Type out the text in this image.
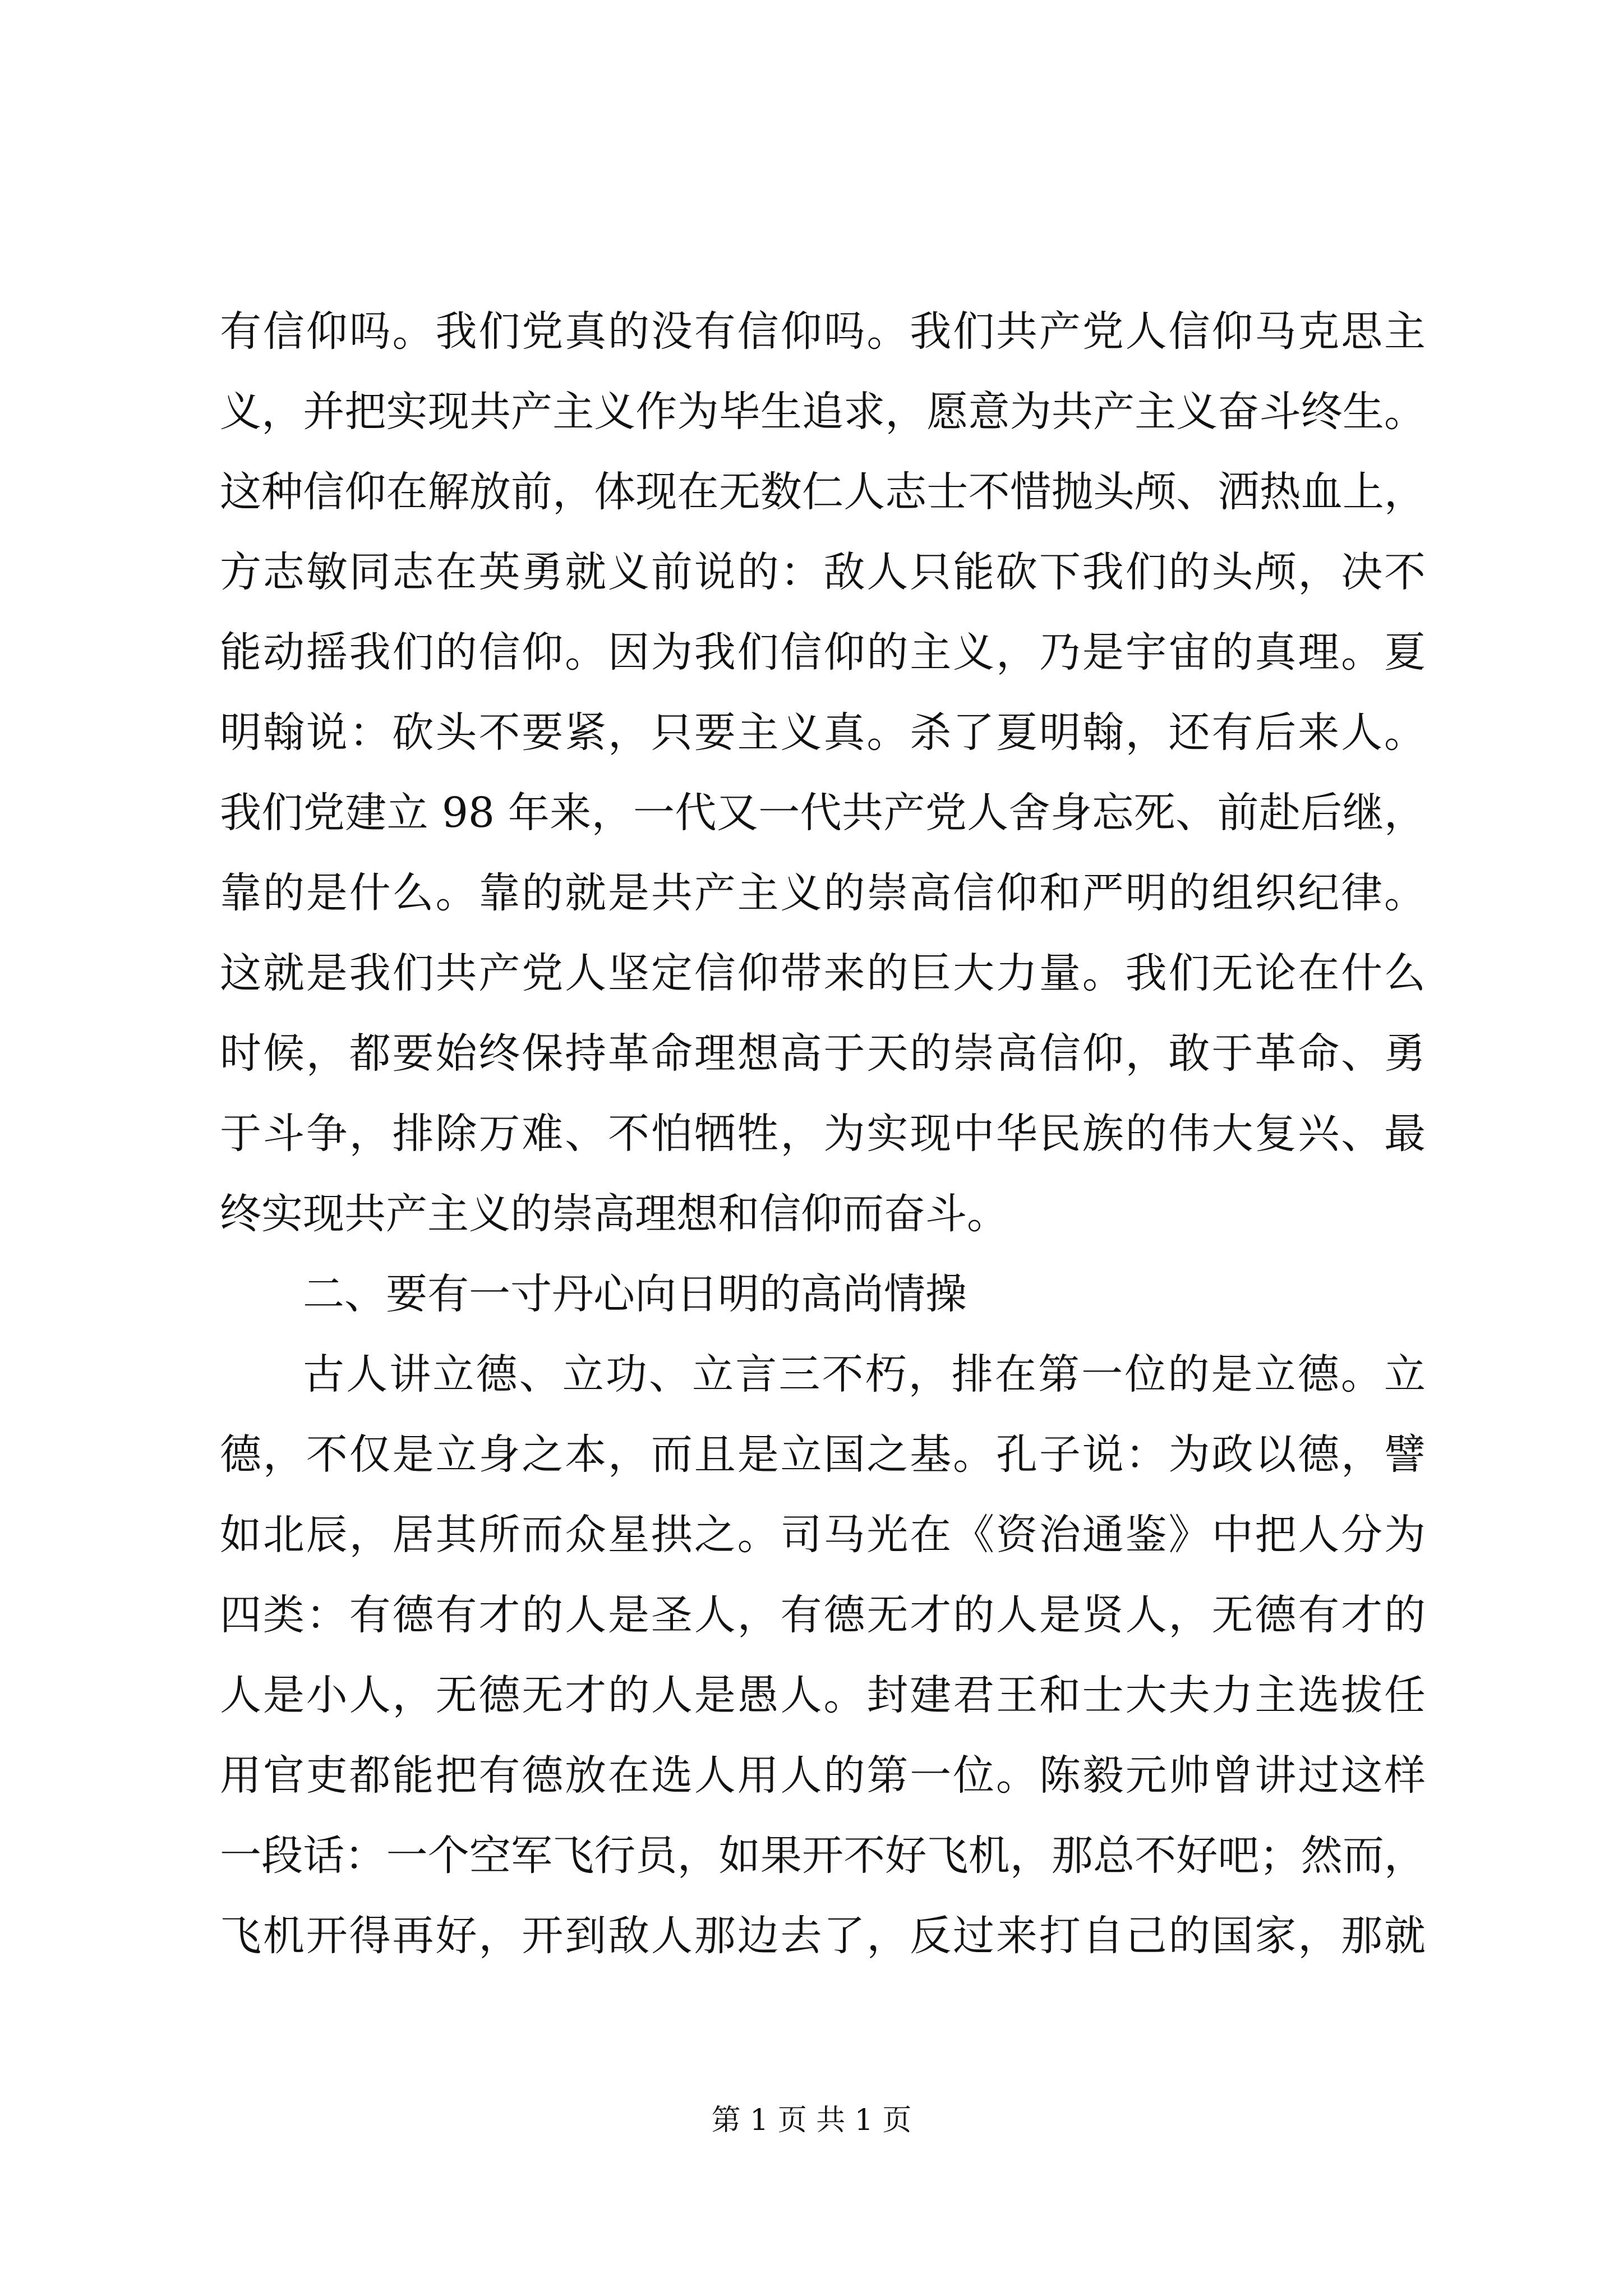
有信仰吗。我们党真的没有信仰吗。我们共产党人信仰马克思主
义，并把实现共产主义作为毕生追求，愿意为共产主义奋斗终生。
这种信仰在解放前，体现在无数仁人志士不惜抛头颅、洒热血上，
方志敏同志在英勇就义前说的：敌人只能砍下我们的头颅，决不
能动摇我们的信仰。因为我们信仰的主义，乃是宇宙的真理。夏
明翰说：砍头不要紧，只要主义真。杀了夏明翰，还有后来人。
我们党建立 98 年来，一代又一代共产党人舍身忘死、前赴后继，
靠的是什么。靠的就是共产主义的崇高信仰和严明的组织纪律。
这就是我们共产党人坚定信仰带来的巨大力量。我们无论在什么
时候，都要始终保持革命理想高于天的崇高信仰，敢于革命、勇
于斗争，排除万难、不怕牺牲，为实现中华民族的伟大复兴、最
终实现共产主义的崇高理想和信仰而奋斗。
二、要有一寸丹心向日明的高尚情操
古人讲立德、立功、立言三不朽，排在第一位的是立德。立
德，不仅是立身之本，而且是立国之基。孔子说：为政以德，譬
如北辰，居其所而众星拱之。司马光在《资治通鉴》中把人分为
四类：有德有才的人是圣人，有德无才的人是贤人，无德有才的
人是小人，无德无才的人是愚人。封建君王和士大夫力主选拔任
用官吏都能把有德放在选人用人的第一位。陈毅元帅曾讲过这样
一段话：一个空军飞行员，如果开不好飞机，那总不好吧；然而，
飞机开得再好，开到敌人那边去了，反过来打自己的国家，那就
第 1 页 共 1 页
